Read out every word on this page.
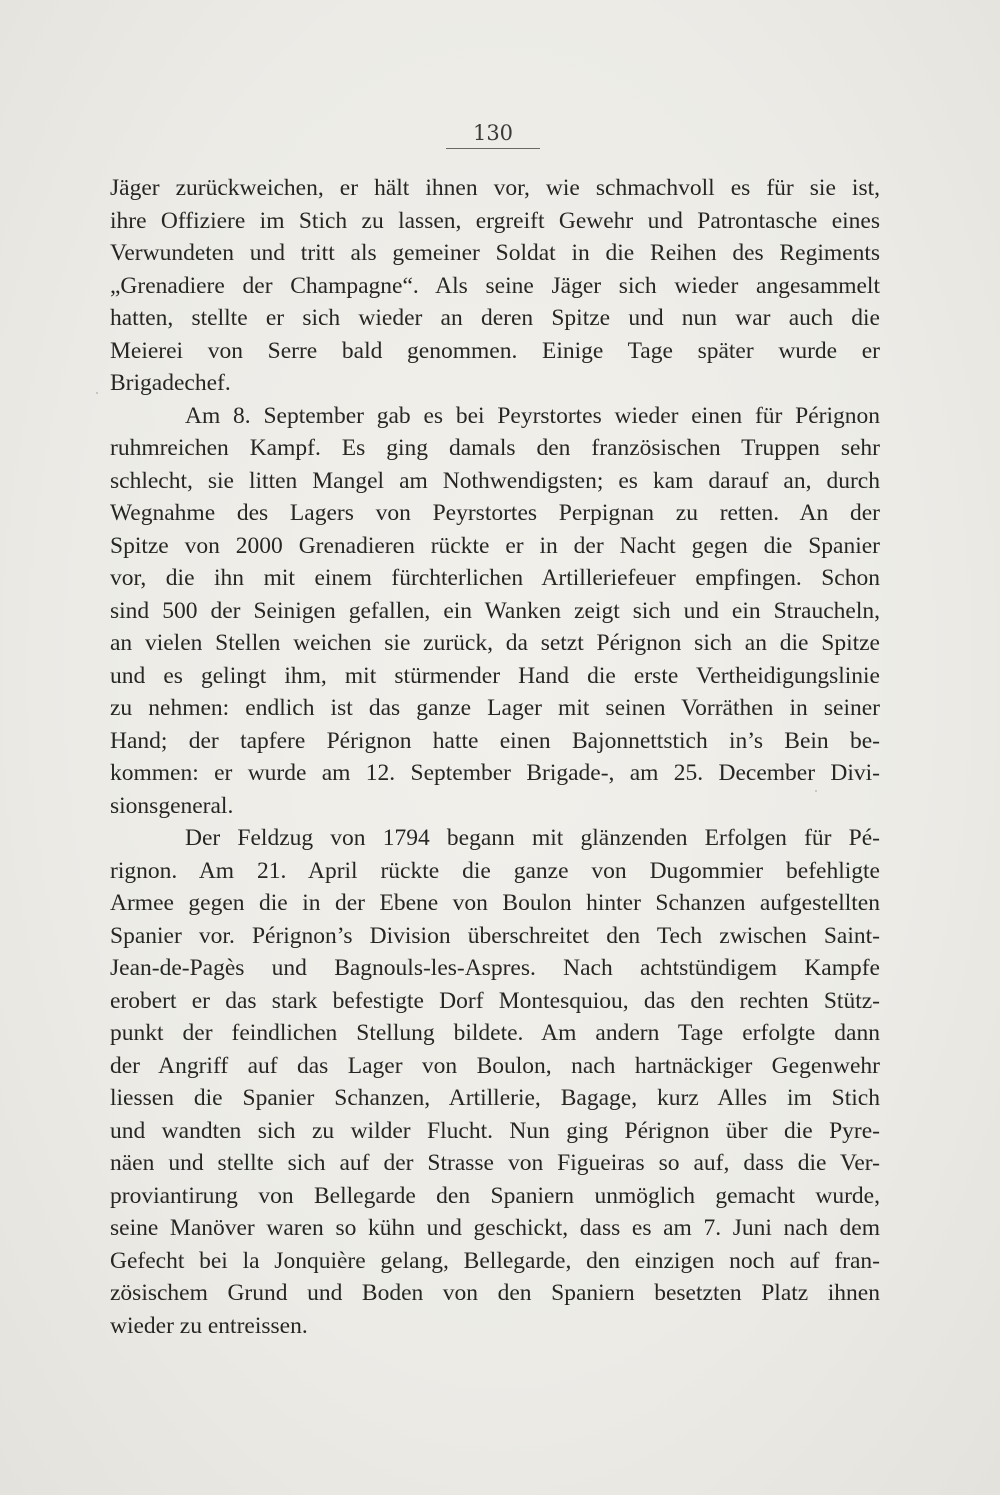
130

Jäger zurückweichen, er hält ihnen vor, wie schmachvoll es für sie ist,
ihre Offiziere im Stich zu lassen, ergreift Gewehr und Patrontasche eines
Verwundeten und tritt als gemeiner Soldat in die Reihen des Regiments
„Grenadiere der Champagne“. Als seine Jäger sich wieder angesammelt
hatten, stellte er sich wieder an deren Spitze und nun war auch die
Meierei von Serre bald genommen. Einige Tage später wurde er
Brigadechef.

Am 8. September gab es bei Peyrstortes wieder einen für Pérignon
ruhmreichen Kampf. Es ging damals den französischen Truppen sehr
schlecht, sie litten Mangel am Nothwendigsten; es kam darauf an, durch
Wegnahme des Lagers von Peyrstortes Perpignan zu retten. An der
Spitze von 2000 Grenadieren rückte er in der Nacht gegen die Spanier
vor, die ihn mit einem fürchterlichen Artilleriefeuer empfingen. Schon
sind 500 der Seinigen gefallen, ein Wanken zeigt sich und ein Straucheln,
an vielen Stellen weichen sie zurück, da setzt Pérignon sich an die Spitze
und es gelingt ihm, mit stürmender Hand die erste Vertheidigungslinie
zu nehmen: endlich ist das ganze Lager mit seinen Vorräthen in seiner
Hand; der tapfere Pérignon hatte einen Bajonnettstich in’s Bein be-
kommen: er wurde am 12. September Brigade-, am 25. December Divi-
sionsgeneral.

Der Feldzug von 1794 begann mit glänzenden Erfolgen für Pé-
rignon. Am 21. April rückte die ganze von Dugommier befehligte
Armee gegen die in der Ebene von Boulon hinter Schanzen aufgestellten
Spanier vor. Pérignon’s Division überschreitet den Tech zwischen Saint-
Jean-de-Pagès und Bagnouls-les-Aspres. Nach achtstündigem Kampfe
erobert er das stark befestigte Dorf Montesquiou, das den rechten Stütz-
punkt der feindlichen Stellung bildete. Am andern Tage erfolgte dann
der Angriff auf das Lager von Boulon, nach hartnäckiger Gegenwehr
liessen die Spanier Schanzen, Artillerie, Bagage, kurz Alles im Stich
und wandten sich zu wilder Flucht. Nun ging Pérignon über die Pyre-
näen und stellte sich auf der Strasse von Figueiras so auf, dass die Ver-
proviantirung von Bellegarde den Spaniern unmöglich gemacht wurde,
seine Manöver waren so kühn und geschickt, dass es am 7. Juni nach dem
Gefecht bei la Jonquière gelang, Bellegarde, den einzigen noch auf fran-
zösischem Grund und Boden von den Spaniern besetzten Platz ihnen
wieder zu entreissen.
